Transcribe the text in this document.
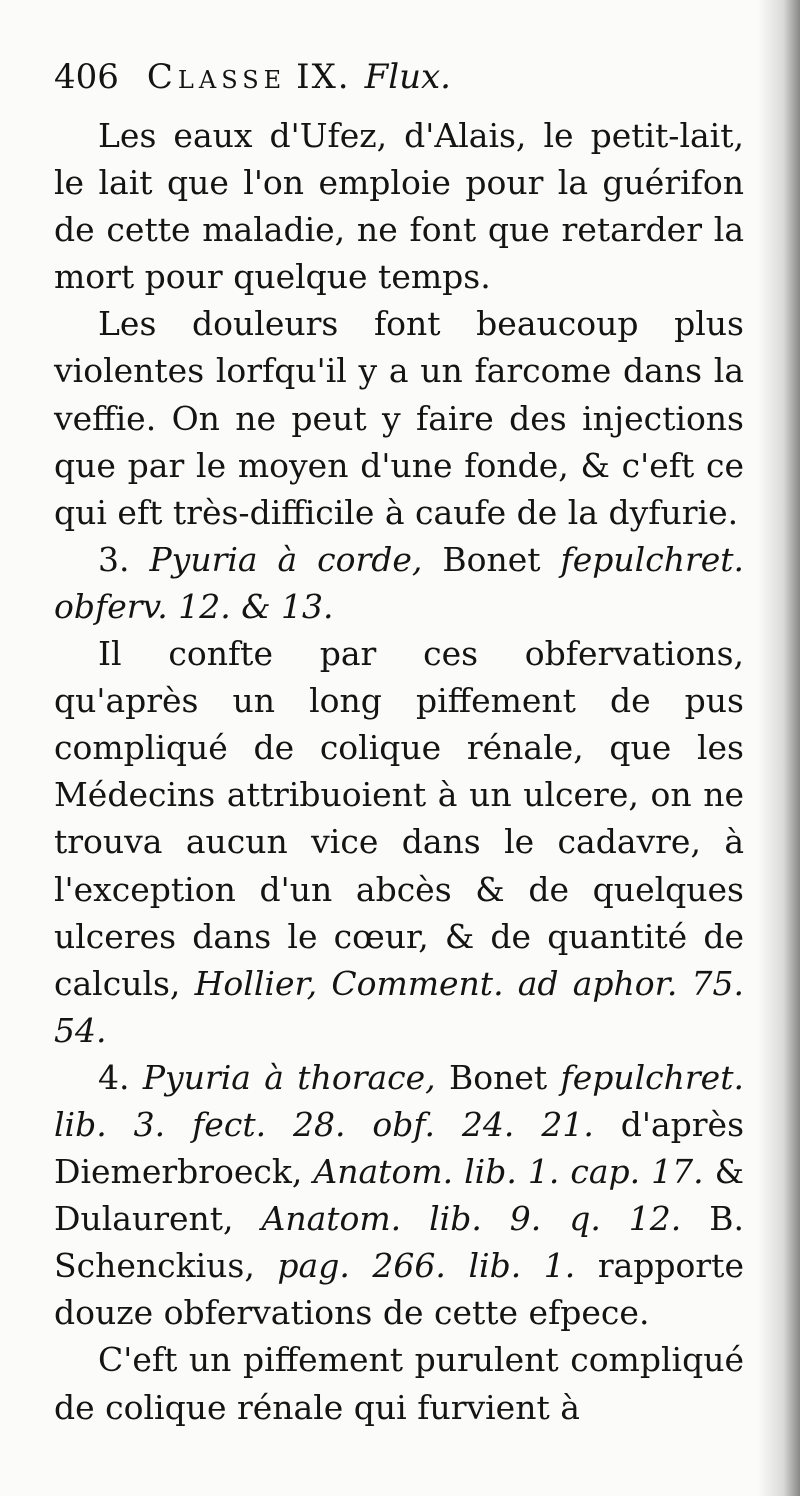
406 Classe IX. Flux.

Les eaux d'Ufez, d'Alais, le petit-lait, le lait que l'on emploie pour la guérifon de cette maladie, ne font que retarder la mort pour quelque temps.

Les douleurs font beaucoup plus violentes lorfqu'il y a un farcome dans la veffie. On ne peut y faire des injections que par le moyen d'une fonde, & c'eft ce qui eft très-difficile à caufe de la dyfurie.

3. Pyuria à corde, Bonet fepulchret. obferv. 12. & 13.

Il confte par ces obfervations, qu'après un long piffement de pus compliqué de colique rénale, que les Médecins attribuoient à un ulcere, on ne trouva aucun vice dans le cadavre, à l'exception d'un abcès & de quelques ulceres dans le cœur, & de quantité de calculs, Hollier, Comment. ad aphor. 75. 54.

4. Pyuria à thorace, Bonet fepulchret. lib. 3. fect. 28. obf. 24. 21. d'après Diemerbroeck, Anatom. lib. 1. cap. 17. & Dulaurent, Anatom. lib. 9. q. 12. B. Schenckius, pag. 266. lib. 1. rapporte douze obfervations de cette efpece.

C'eft un piffement purulent compliqué de colique rénale qui furvient à
